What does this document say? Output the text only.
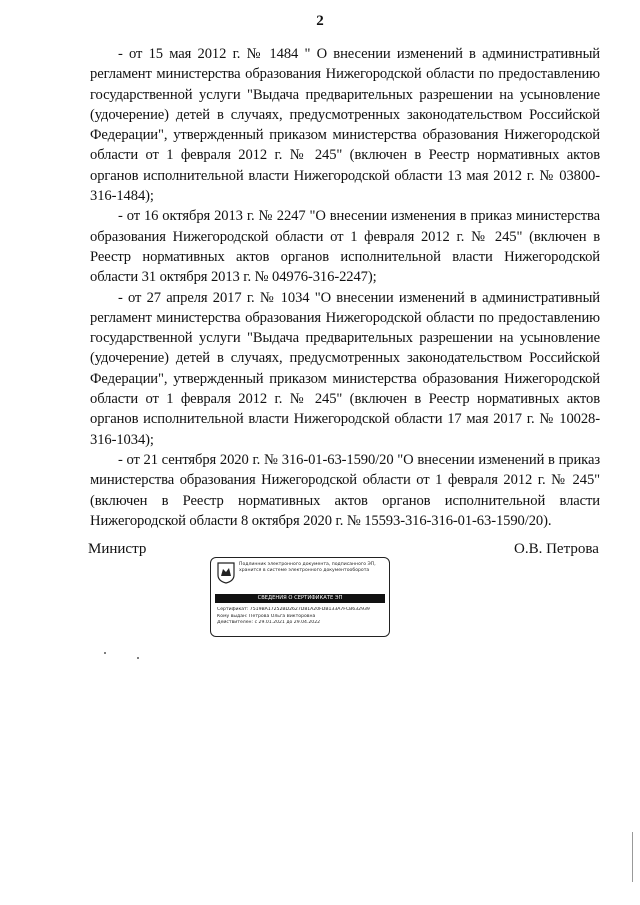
2

- от 15 мая 2012 г. № 1484 " О внесении изменений в административный регламент министерства образования Нижегородской области по предоставлению государственной услуги "Выдача предварительных разрешении на усыновление (удочерение) детей в случаях, предусмотренных законодательством Российской Федерации", утвержденный приказом министерства образования Нижегородской области от 1 февраля 2012 г. № 245" (включен в Реестр нормативных актов органов исполнительной власти Нижегородской области 13 мая 2012 г. № 03800-316-1484);

- от 16 октября 2013 г. № 2247 "О внесении изменения в приказ министерства образования Нижегородской области от 1 февраля 2012 г. № 245" (включен в Реестр нормативных актов органов исполнительной власти Нижегородской области 31 октября 2013 г. № 04976-316-2247);

- от 27 апреля 2017 г. № 1034 "О внесении изменений в административный регламент министерства образования Нижегородской области по предоставлению государственной услуги "Выдача предварительных разрешении на усыновление (удочерение) детей в случаях, предусмотренных законодательством Российской Федерации", утвержденный приказом министерства образования Нижегородской области от 1 февраля 2012 г. № 245" (включен в Реестр нормативных актов органов исполнительной власти Нижегородской области 17 мая 2017 г. № 10028-316-1034);

- от 21 сентября 2020 г. № 316-01-63-1590/20 "О внесении изменений в приказ министерства образования Нижегородской области от 1 февраля 2012 г. № 245" (включен в Реестр нормативных актов органов исполнительной власти Нижегородской области 8 октября 2020 г. № 15593-316-316-01-63-1590/20).

Министр	О.В. Петрова
Подлинник электронного документа, подписанного ЭП, хранится в системе электронного документооборота
СВЕДЕНИЯ О СЕРТИФИКАТЕ ЭП
Сертификат: 7519BA17252BD2627D81A20FDB133A7FCB632939
Кому выдан: Петрова Ольга Викторовна
Действителен: с 29.01.2021 до 29.04.2022
